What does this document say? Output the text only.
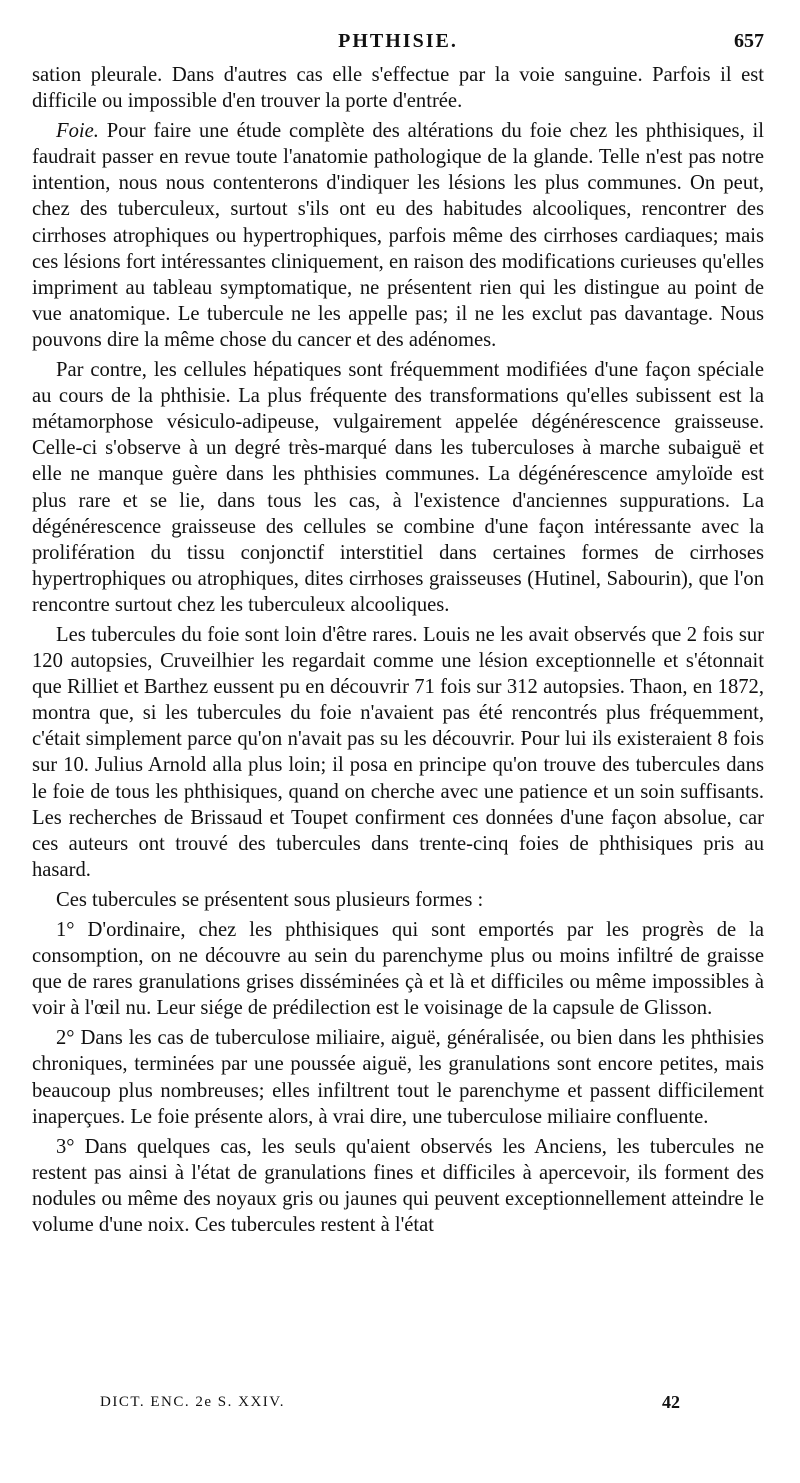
PHTHISIE.	657

sation pleurale. Dans d'autres cas elle s'effectue par la voie sanguine. Parfois il est difficile ou impossible d'en trouver la porte d'entrée.

Foie. Pour faire une étude complète des altérations du foie chez les phthisiques, il faudrait passer en revue toute l'anatomie pathologique de la glande. Telle n'est pas notre intention, nous nous contenterons d'indiquer les lésions les plus communes. On peut, chez des tuberculeux, surtout s'ils ont eu des habitudes alcooliques, rencontrer des cirrhoses atrophiques ou hypertrophiques, parfois même des cirrhoses cardiaques; mais ces lésions fort intéressantes cliniquement, en raison des modifications curieuses qu'elles impriment au tableau symptomatique, ne présentent rien qui les distingue au point de vue anatomique. Le tubercule ne les appelle pas; il ne les exclut pas davantage. Nous pouvons dire la même chose du cancer et des adénomes.

Par contre, les cellules hépatiques sont fréquemment modifiées d'une façon spéciale au cours de la phthisie. La plus fréquente des transformations qu'elles subissent est la métamorphose vésiculo-adipeuse, vulgairement appelée dégénérescence graisseuse. Celle-ci s'observe à un degré très-marqué dans les tuberculoses à marche subaiguë et elle ne manque guère dans les phthisies communes. La dégénérescence amyloïde est plus rare et se lie, dans tous les cas, à l'existence d'anciennes suppurations. La dégénérescence graisseuse des cellules se combine d'une façon intéressante avec la prolifération du tissu conjonctif interstitiel dans certaines formes de cirrhoses hypertrophiques ou atrophiques, dites cirrhoses graisseuses (Hutinel, Sabourin), que l'on rencontre surtout chez les tuberculeux alcooliques.

Les tubercules du foie sont loin d'être rares. Louis ne les avait observés que 2 fois sur 120 autopsies, Cruveilhier les regardait comme une lésion exceptionnelle et s'étonnait que Rilliet et Barthez eussent pu en découvrir 71 fois sur 312 autopsies. Thaon, en 1872, montra que, si les tubercules du foie n'avaient pas été rencontrés plus fréquemment, c'était simplement parce qu'on n'avait pas su les découvrir. Pour lui ils existeraient 8 fois sur 10. Julius Arnold alla plus loin; il posa en principe qu'on trouve des tubercules dans le foie de tous les phthisiques, quand on cherche avec une patience et un soin suffisants. Les recherches de Brissaud et Toupet confirment ces données d'une façon absolue, car ces auteurs ont trouvé des tubercules dans trente-cinq foies de phthisiques pris au hasard.

Ces tubercules se présentent sous plusieurs formes :

1° D'ordinaire, chez les phthisiques qui sont emportés par les progrès de la consomption, on ne découvre au sein du parenchyme plus ou moins infiltré de graisse que de rares granulations grises disséminées çà et là et difficiles ou même impossibles à voir à l'œil nu. Leur siége de prédilection est le voisinage de la capsule de Glisson.

2° Dans les cas de tuberculose miliaire, aiguë, généralisée, ou bien dans les phthisies chroniques, terminées par une poussée aiguë, les granulations sont encore petites, mais beaucoup plus nombreuses; elles infiltrent tout le parenchyme et passent difficilement inaperçues. Le foie présente alors, à vrai dire, une tuberculose miliaire confluente.

3° Dans quelques cas, les seuls qu'aient observés les Anciens, les tubercules ne restent pas ainsi à l'état de granulations fines et difficiles à apercevoir, ils forment des nodules ou même des noyaux gris ou jaunes qui peuvent exceptionnellement atteindre le volume d'une noix. Ces tubercules restent à l'état

DICT. ENC. 2e S. XXIV.	42
